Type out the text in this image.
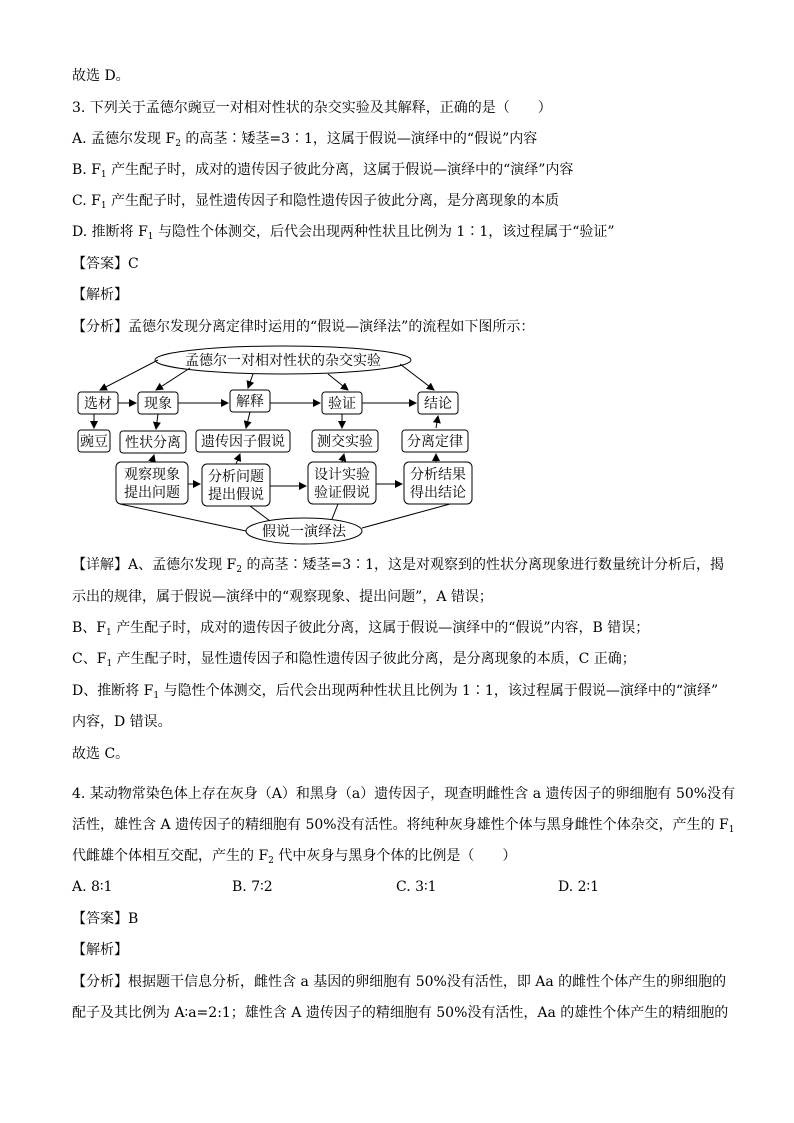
故选 D。
3. 下列关于孟德尔豌豆一对相对性状的杂交实验及其解释，正确的是（　　）
A. 孟德尔发现 $F_2$ 的高茎∶矮茎=3∶1，这属于假说—演绎中的“假说”内容
B. $F_1$ 产生配子时，成对的遗传因子彼此分离，这属于假说—演绎中的“演绎”内容
C. $F_1$ 产生配子时，显性遗传因子和隐性遗传因子彼此分离，是分离现象的本质
D. 推断将 $F_1$ 与隐性个体测交，后代会出现两种性状且比例为 1∶1，该过程属于“验证”
【答案】C
【解析】
【分析】孟德尔发现分离定律时运用的“假说—演绎法”的流程如下图所示：
孟德尔一对相对性状的杂交实验
选材 现象	解释	验证	结论
豌豆 性状分离 遗传因子假说 测交实验 分离定律
观察现象
提出问题
分析问题
提出假说
设计实验
验证假说
分析结果
得出结论
假说一演绎法
【详解】A、孟德尔发现 $F_2$ 的高茎∶矮茎=3∶1，这是对观察到的性状分离现象进行数量统计分析后，揭
示出的规律，属于假说—演绎中的“观察现象、提出问题”，A 错误；
B、$F_1$ 产生配子时，成对的遗传因子彼此分离，这属于假说—演绎中的“假说”内容，B 错误；
C、$F_1$ 产生配子时，显性遗传因子和隐性遗传因子彼此分离，是分离现象的本质，C 正确；
D、推断将 $F_1$ 与隐性个体测交，后代会出现两种性状且比例为 1∶1，该过程属于假说—演绎中的“演绎”
内容，D 错误。
故选 C。
4. 某动物常染色体上存在灰身（A）和黑身（a）遗传因子，现查明雌性含 a 遗传因子的卵细胞有 50%没有
活性，雄性含 A 遗传因子的精细胞有 50%没有活性。将纯种灰身雄性个体与黑身雌性个体杂交，产生的 $F_1$
代雌雄个体相互交配，产生的 $F_2$ 代中灰身与黑身个体的比例是（　　）
A. 8∶1	B. 7∶2	C. 3∶1	D. 2∶1
【答案】B
【解析】
【分析】根据题干信息分析，雌性含 a 基因的卵细胞有 50%没有活性，即 Aa 的雌性个体产生的卵细胞的
配子及其比例为 A∶a=2:1；雄性含 A 遗传因子的精细胞有 50%没有活性，Aa 的雄性个体产生的精细胞的
